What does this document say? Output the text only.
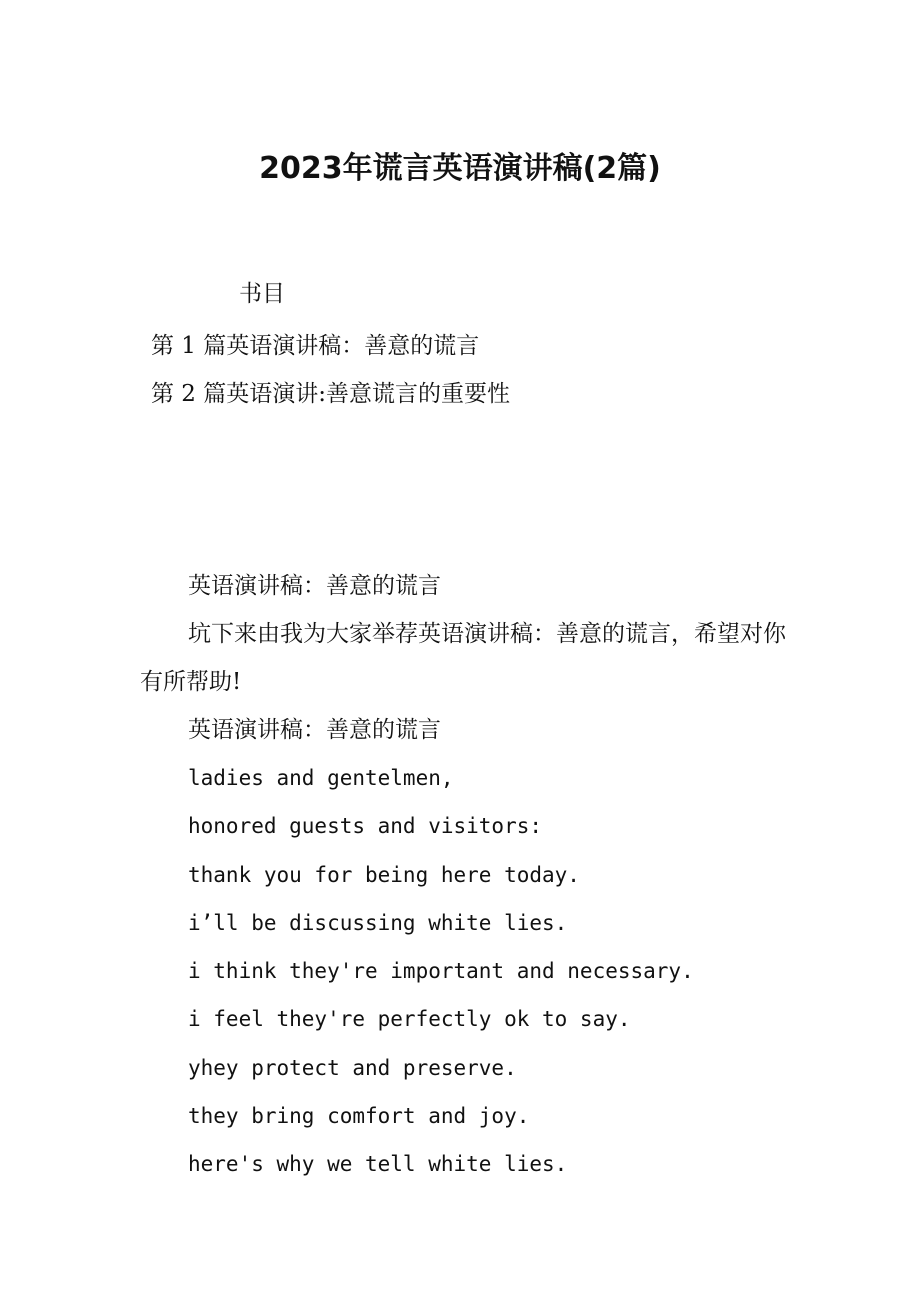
2023年谎言英语演讲稿(2篇)
书目
第 1 篇英语演讲稿：善意的谎言
第 2 篇英语演讲:善意谎言的重要性

英语演讲稿：善意的谎言

坑下来由我为大家举荐英语演讲稿：善意的谎言，希望对你有所帮助!

英语演讲稿：善意的谎言

ladies and gentelmen,
honored guests and visitors:
thank you for being here today.
i’ll be discussing white lies.
i think they're important and necessary.
i feel they're perfectly ok to say.
yhey protect and preserve.
they bring comfort and joy.
here's why we tell white lies.
